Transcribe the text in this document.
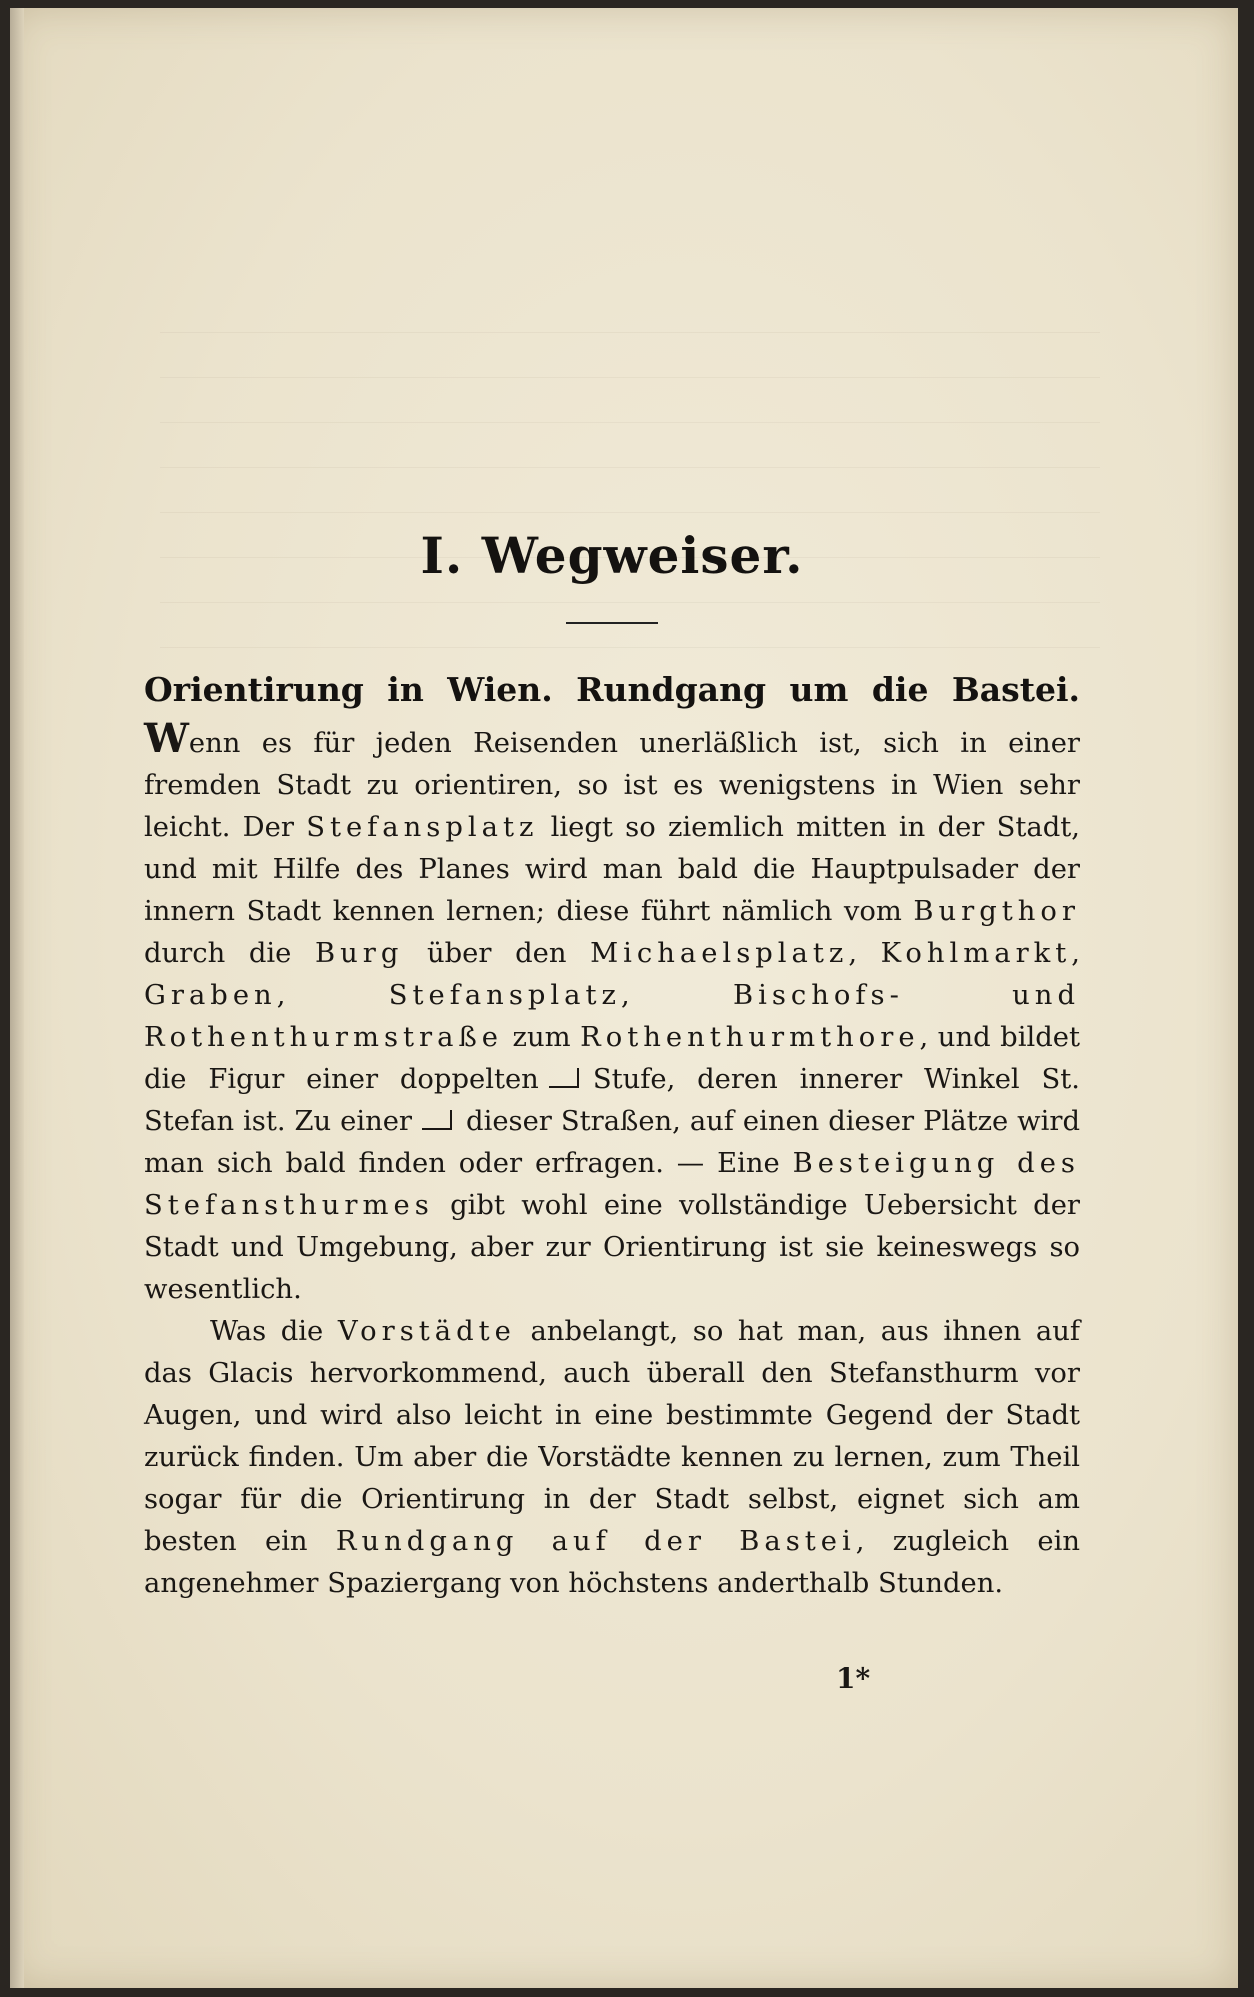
I. Wegweiser.
Orientirung in Wien. Rundgang um die Bastei.

Wenn es für jeden Reisenden unerläßlich ist, sich in einer fremden Stadt zu orientiren, so ist es wenigstens in Wien sehr leicht. Der Stefansplatz liegt so ziemlich mitten in der Stadt, und mit Hilfe des Planes wird man bald die Hauptpulsader der innern Stadt kennen lernen; diese führt nämlich vom Burgthor durch die Burg über den Michaelsplatz, Kohlmarkt, Graben, Stefansplatz, Bischofs- und Rothenthurmstraße zum Rothenthurmthore, und bildet die Figur einer doppelten Stufe, deren innerer Winkel St. Stefan ist. Zu einer dieser Straßen, auf einen dieser Plätze wird man sich bald finden oder erfragen. — Eine Besteigung des Stefansthurmes gibt wohl eine vollständige Uebersicht der Stadt und Umgebung, aber zur Orientirung ist sie keineswegs so wesentlich.

Was die Vorstädte anbelangt, so hat man, aus ihnen auf das Glacis hervorkommend, auch überall den Stefansthurm vor Augen, und wird also leicht in eine bestimmte Gegend der Stadt zurück finden. Um aber die Vorstädte kennen zu lernen, zum Theil sogar für die Orientirung in der Stadt selbst, eignet sich am besten ein Rundgang auf der Bastei, zugleich ein angenehmer Spaziergang von höchstens anderthalb Stunden.

1*
